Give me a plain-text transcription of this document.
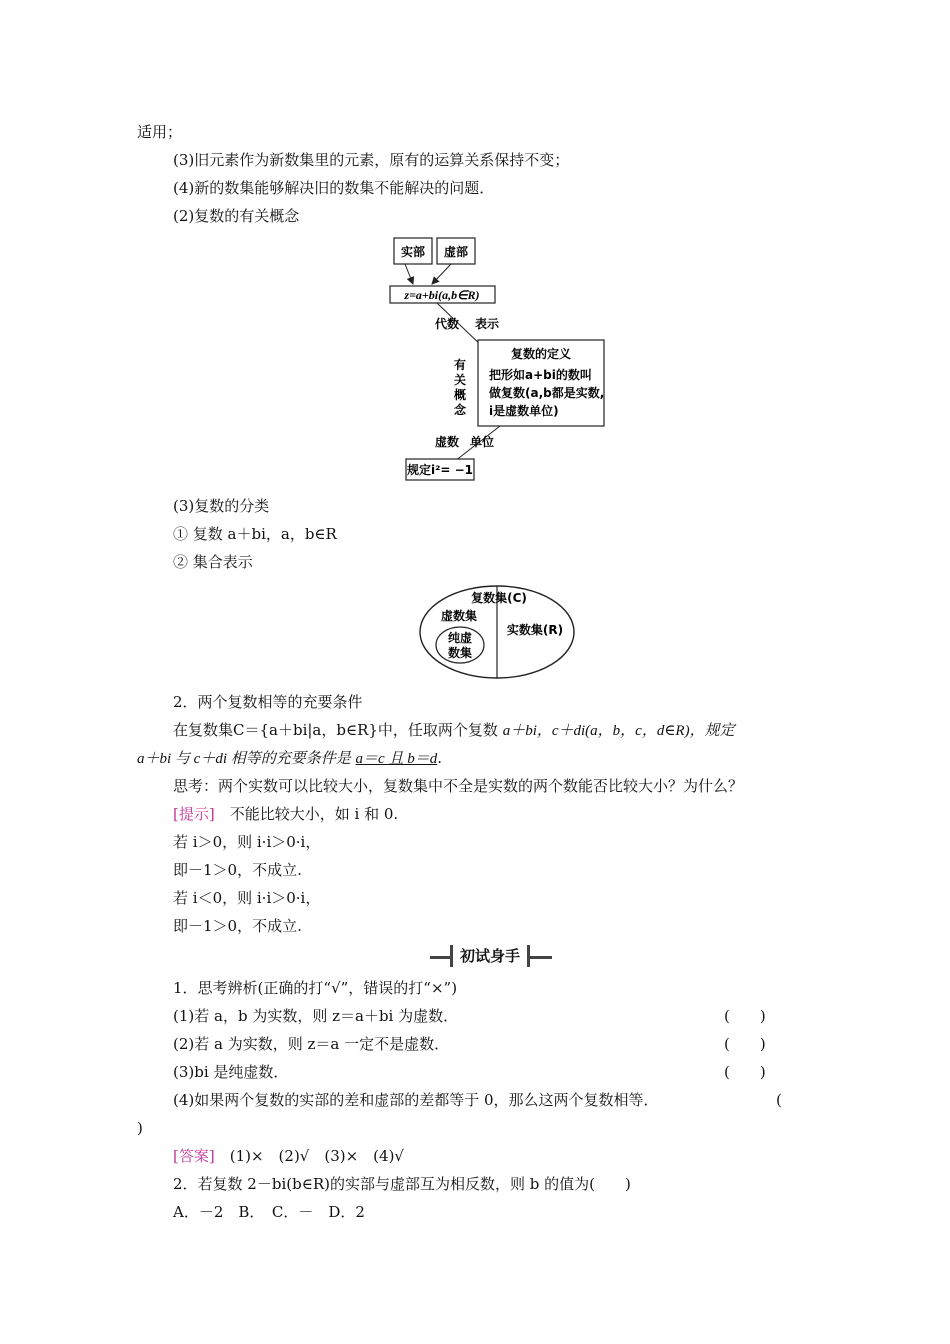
适用；
(3)旧元素作为新数集里的元素，原有的运算关系保持不变；
(4)新的数集能够解决旧的数集不能解决的问题．
(2)复数的有关概念
实部 虚部
z=a+bi(a,b∈R)
代数 表示
有
关
概
念
复数的定义
把形如a+bi的数叫
做复数(a,b都是实数,
i是虚数单位)
虚数 单位
规定i²= −1
(3)复数的分类
① 复数 a＋bi，a，b∈R
② 集合表示
复数集(C)
虚数集
纯虚
数集
实数集(R)
2．两个复数相等的充要条件
在复数集C＝{a＋bi|a，b∈R}中，任取两个复数 a＋bi，c＋di(a，b，c，d∈R)，规定
a＋bi 与 c＋di 相等的充要条件是 a＝c 且 b＝d.
思考：两个实数可以比较大小，复数集中不全是实数的两个数能否比较大小？为什么？
[提示]　 不能比较大小，如 i 和 0.
若 i＞0，则 i·i＞0·i，
即－1＞0，不成立.
若 i＜0，则 i·i＞0·i，
即－1＞0，不成立.
初试身手
1．思考辨析(正确的打“√”，错误的打“×”)
(1)若 a，b 为实数，则 z＝a＋bi 为虚数．	(　　)
(2)若 a 为实数，则 z＝a 一定不是虚数．	(　　)
(3)bi 是纯虚数．	(　　)
(4)如果两个复数的实部的差和虚部的差都等于 0，那么这两个复数相等．	(
)
[答案]　 (1)×　(2)√　(3)×　(4)√
2．若复数 2－bi(b∈R)的实部与虚部互为相反数，则 b 的值为(　　)
A．－2　B．　C．－　D．2
